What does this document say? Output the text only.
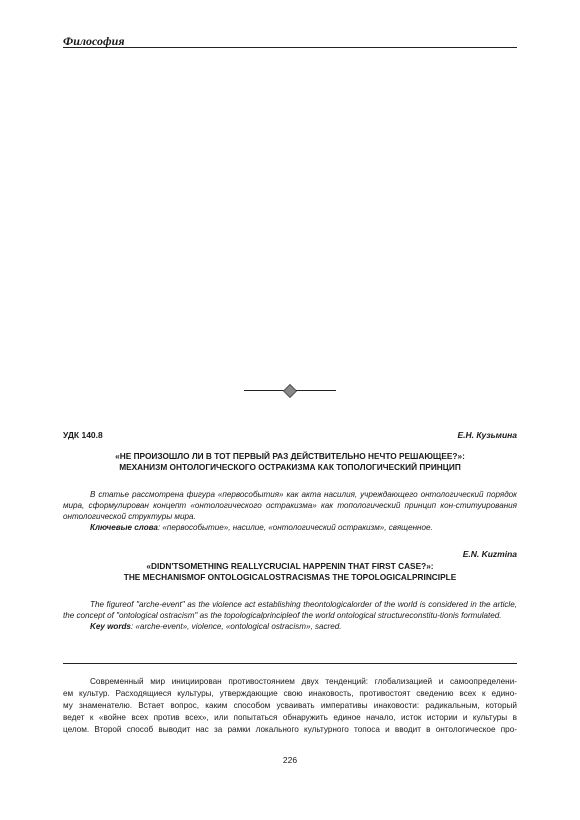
Философия
УДК 140.8	Е.Н. Кузьмина
«НЕ ПРОИЗОШЛО ЛИ В ТОТ ПЕРВЫЙ РАЗ ДЕЙСТВИТЕЛЬНО НЕЧТО РЕШАЮЩЕЕ?»:
МЕХАНИЗМ ОНТОЛОГИЧЕСКОГО ОСТРАКИЗМА КАК ТОПОЛОГИЧЕСКИЙ ПРИНЦИП

В статье рассмотрена фигура «первособытия» как акта насилия, учреждающего онтологический порядок мира, сформулирован концепт «онтологического остракизма» как топологический принцип кон-ституирования онтологической структуры мира.

Ключевые слова: «первособытие», насилие, «онтологический остракизм», священное.

E.N. Kuzmina
«DIDN'TSOMETHING REALLYCRUCIAL HAPPENIN THAT FIRST CASE?»:
THE MECHANISMOF ONTOLOGICALOSTRACISMAS THE TOPOLOGICALPRINCIPLE

The figureof "arche-event" as the violence act establishing theontologicalorder of the world is considered in the article, the concept of "ontological ostracism" as the topologicalprincipleof the world ontological structureconstitu-tionis formulated.

Key words: «arche-event», violence, «ontological ostracism», sacred.

Современный мир инициирован противостоянием двух тенденций: глобализацией и самоопределени-
ем культур. Расходящиеся культуры, утверждающие свою инаковость, противостоят сведению всех к едино-
му знаменателю. Встает вопрос, каким способом усваивать императивы инаковости: радикальным, который
ведет к «войне всех против всех», или попытаться обнаружить единое начало, исток истории и культуры в
целом. Второй способ выводит нас за рамки локального культурного топоса и вводит в онтологическое про-
226
